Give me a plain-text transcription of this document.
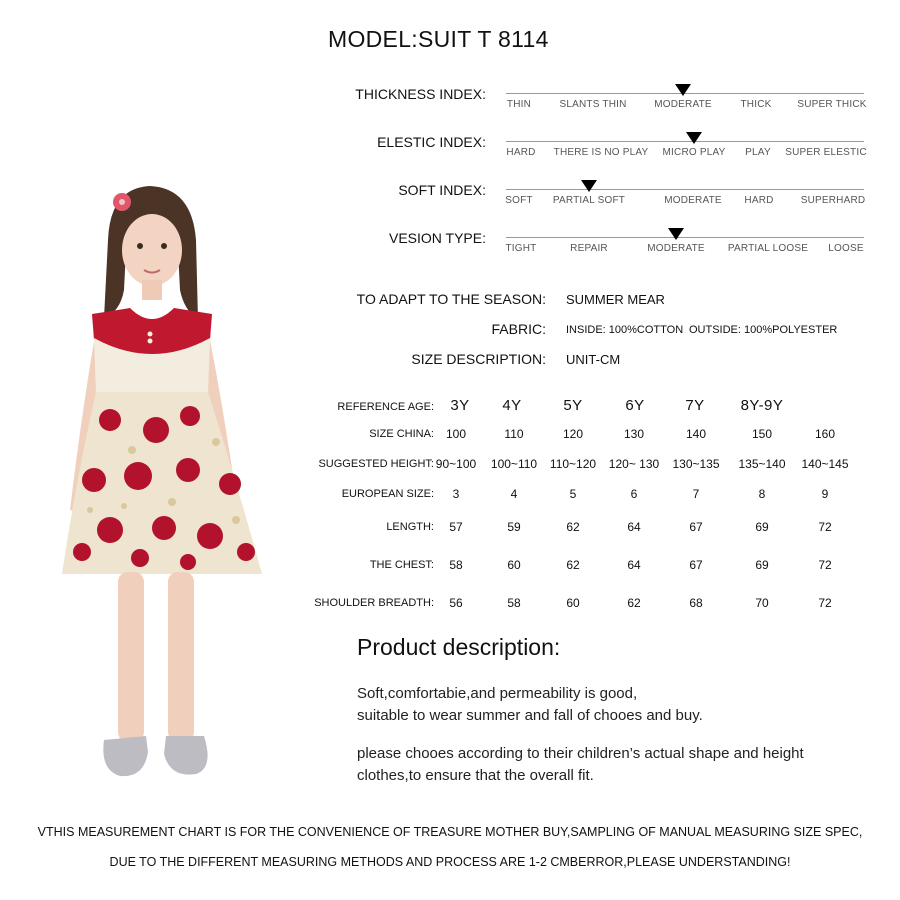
MODEL:SUIT T 8114
THICKNESS INDEX:
THIN	SLANTS THIN	MODERATE	THICK	SUPER THICK
ELESTIC INDEX:
HARD THERE IS NO PLAY MICRO PLAY PLAY SUPER ELESTIC
SOFT INDEX:
SOFT PARTIAL SOFT	MODERATE HARD	SUPERHARD
VESION TYPE:
TIGHT	REPAIR	MODERATE PARTIAL LOOSE LOOSE
TO ADAPT TO THE SEASON: SUMMER MEAR
FABRIC: INSIDE: 100%COTTON OUTSIDE: 100%POLYESTER
SIZE DESCRIPTION: UNIT-CM
REFERENCE AGE: 3Y 4Y	5Y	6Y	7Y 8Y-9Y
SIZE CHINA: 100	110	120	130	140	150	160
SUGGESTED HEIGHT: 90~100 100~110 110~120 120~ 130 130~135 135~140 140~145
EUROPEAN SIZE: 3	4	5	6	7	8	9
LENGTH: 57	59	62	64	67	69	72
THE CHEST: 58	60	62	64	67	69	72
SHOULDER BREADTH: 56	58	60	62	68	70	72
Product description:
Soft,comfortabie,and permeability is good,
suitable to wear summer and fall of chooes and buy.
please chooes according to their children’s actual shape and height
clothes,to ensure that the overall fit.
VTHIS MEASUREMENT CHART IS FOR THE CONVENIENCE OF TREASURE MOTHER BUY,SAMPLING OF MANUAL MEASURING SIZE SPEC,
DUE TO THE DIFFERENT MEASURING METHODS AND PROCESS ARE 1-2 CMBERROR,PLEASE UNDERSTANDING!
